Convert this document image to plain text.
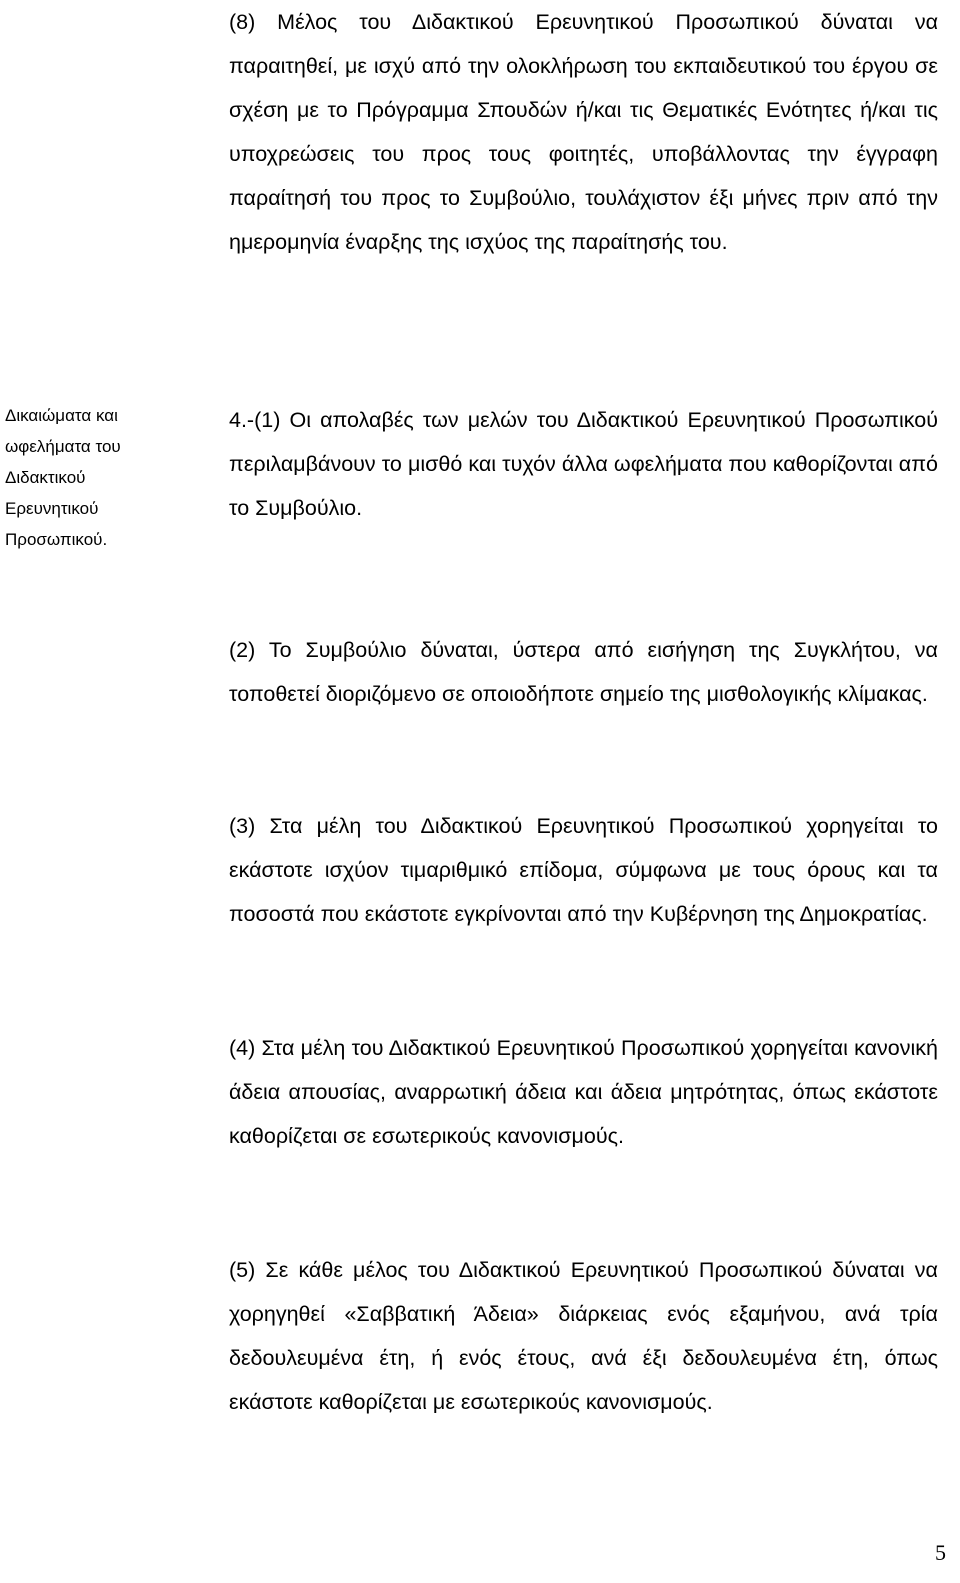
(8) Μέλος του Διδακτικού Ερευνητικού Προσωπικού δύναται να παραιτηθεί, με ισχύ από την ολοκλήρωση του εκπαιδευτικού του έργου σε σχέση με το Πρόγραμμα Σπουδών ή/και τις Θεματικές Ενότητες ή/και τις υποχρεώσεις του προς τους φοιτητές, υποβάλλοντας την έγγραφη παραίτησή του προς το Συμβούλιο, τουλάχιστον έξι μήνες πριν από την ημερομηνία έναρξης της ισχύος της παραίτησής του.

Δικαιώματα και ωφελήματα του Διδακτικού Ερευνητικού Προσωπικού.

4.-(1) Οι απολαβές των μελών του Διδακτικού Ερευνητικού Προσωπικού περιλαμβάνουν το μισθό και τυχόν άλλα ωφελήματα που καθορίζονται από το Συμβούλιο.

(2) Το Συμβούλιο δύναται, ύστερα από εισήγηση της Συγκλήτου, να τοποθετεί διοριζόμενο σε οποιοδήποτε σημείο της μισθολογικής κλίμακας.

(3) Στα μέλη του Διδακτικού Ερευνητικού Προσωπικού χορηγείται το εκάστοτε ισχύον τιμαριθμικό επίδομα, σύμφωνα με τους όρους και τα ποσοστά που εκάστοτε εγκρίνονται από την Κυβέρνηση της Δημοκρατίας.

(4) Στα μέλη του Διδακτικού Ερευνητικού Προσωπικού χορηγείται κανονική άδεια απουσίας, αναρρωτική άδεια και άδεια μητρότητας, όπως εκάστοτε καθορίζεται σε εσωτερικούς κανονισμούς.

(5) Σε κάθε μέλος του Διδακτικού Ερευνητικού Προσωπικού δύναται να χορηγηθεί «Σαββατική Άδεια» διάρκειας ενός εξαμήνου, ανά τρία δεδουλευμένα έτη, ή ενός έτους, ανά έξι δεδουλευμένα έτη, όπως εκάστοτε καθορίζεται με εσωτερικούς κανονισμούς.

5
